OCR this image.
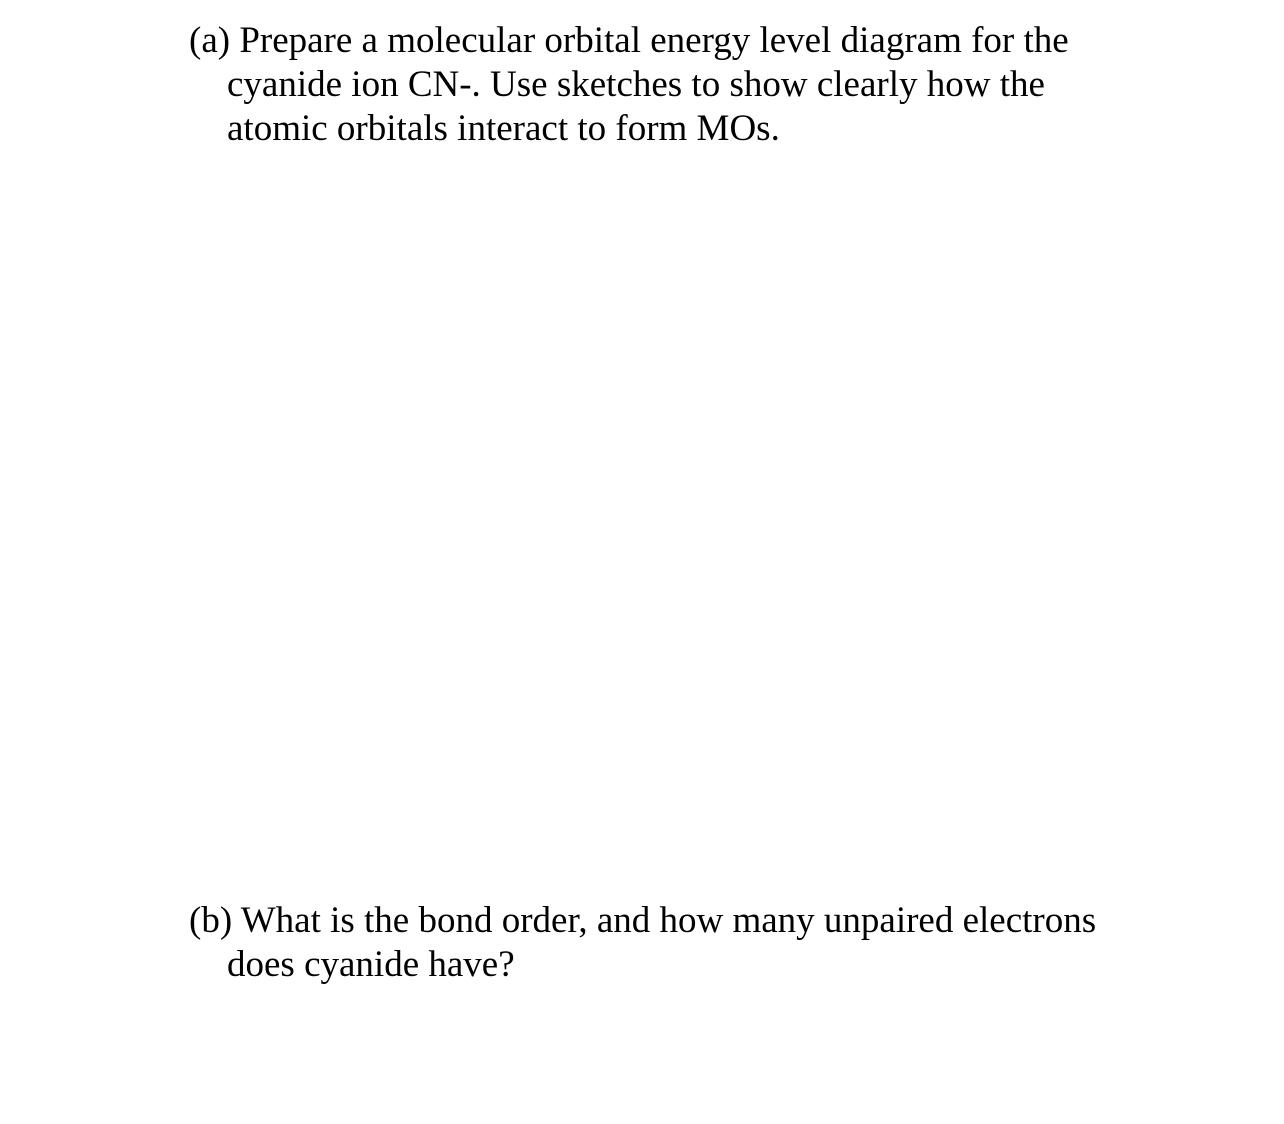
(a) Prepare a molecular orbital energy level diagram for the
cyanide ion CN-. Use sketches to show clearly how the
atomic orbitals interact to form MOs.
(b) What is the bond order, and how many unpaired electrons
does cyanide have?
